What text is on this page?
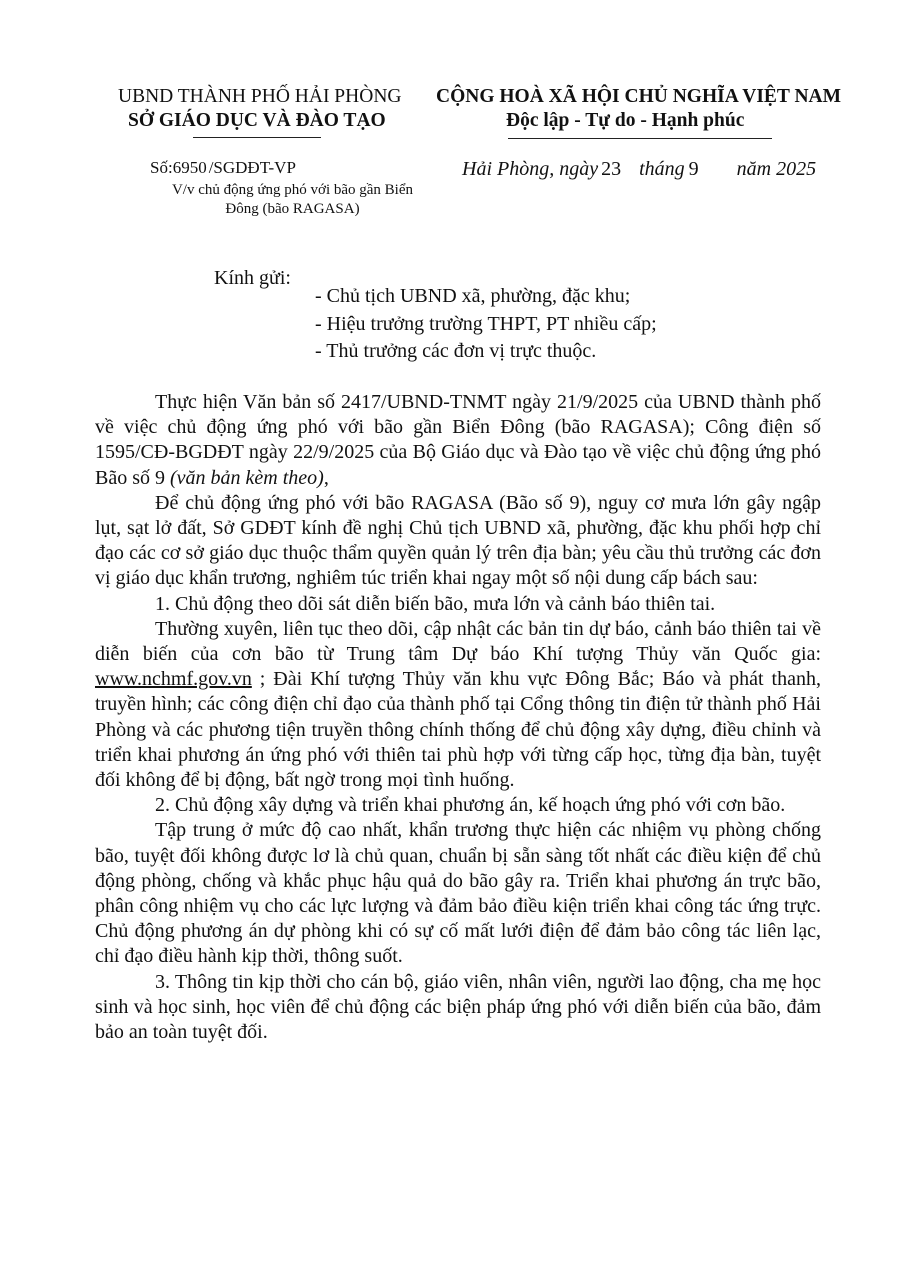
UBND THÀNH PHỐ HẢI PHÒNG
SỞ GIÁO DỤC VÀ ĐÀO TẠO
Số:6950 /SGDĐT-VP
V/v chủ động ứng phó với bão gần Biển Đông (bão RAGASA)
CỘNG HOÀ XÃ HỘI CHỦ NGHĨA VIỆT NAM
Độc lập - Tự do - Hạnh phúc
Hải Phòng, ngày 23 tháng 9 năm 2025
Kính gửi:
- Chủ tịch UBND xã, phường, đặc khu;
- Hiệu trưởng trường THPT, PT nhiều cấp;
- Thủ trưởng các đơn vị trực thuộc.

Thực hiện Văn bản số 2417/UBND-TNMT ngày 21/9/2025 của UBND thành phố về việc chủ động ứng phó với bão gần Biển Đông (bão RAGASA); Công điện số 1595/CĐ-BGDĐT ngày 22/9/2025 của Bộ Giáo dục và Đào tạo về việc chủ động ứng phó Bão số 9 (văn bản kèm theo),

Để chủ động ứng phó với bão RAGASA (Bão số 9), nguy cơ mưa lớn gây ngập lụt, sạt lở đất, Sở GDĐT kính đề nghị Chủ tịch UBND xã, phường, đặc khu phối hợp chỉ đạo các cơ sở giáo dục thuộc thẩm quyền quản lý trên địa bàn; yêu cầu thủ trưởng các đơn vị giáo dục khẩn trương, nghiêm túc triển khai ngay một số nội dung cấp bách sau:

1. Chủ động theo dõi sát diễn biến bão, mưa lớn và cảnh báo thiên tai.

Thường xuyên, liên tục theo dõi, cập nhật các bản tin dự báo, cảnh báo thiên tai về diễn biến của cơn bão từ Trung tâm Dự báo Khí tượng Thủy văn Quốc gia: www.nchmf.gov.vn ; Đài Khí tượng Thủy văn khu vực Đông Bắc; Báo và phát thanh, truyền hình; các công điện chỉ đạo của thành phố tại Cổng thông tin điện tử thành phố Hải Phòng và các phương tiện truyền thông chính thống để chủ động xây dựng, điều chỉnh và triển khai phương án ứng phó với thiên tai phù hợp với từng cấp học, từng địa bàn, tuyệt đối không để bị động, bất ngờ trong mọi tình huống.

2. Chủ động xây dựng và triển khai phương án, kế hoạch ứng phó với cơn bão.

Tập trung ở mức độ cao nhất, khẩn trương thực hiện các nhiệm vụ phòng chống bão, tuyệt đối không được lơ là chủ quan, chuẩn bị sẵn sàng tốt nhất các điều kiện để chủ động phòng, chống và khắc phục hậu quả do bão gây ra. Triển khai phương án trực bão, phân công nhiệm vụ cho các lực lượng và đảm bảo điều kiện triển khai công tác ứng trực. Chủ động phương án dự phòng khi có sự cố mất lưới điện để đảm bảo công tác liên lạc, chỉ đạo điều hành kịp thời, thông suốt.

3. Thông tin kịp thời cho cán bộ, giáo viên, nhân viên, người lao động, cha mẹ học sinh và học sinh, học viên để chủ động các biện pháp ứng phó với diễn biến của bão, đảm bảo an toàn tuyệt đối.
